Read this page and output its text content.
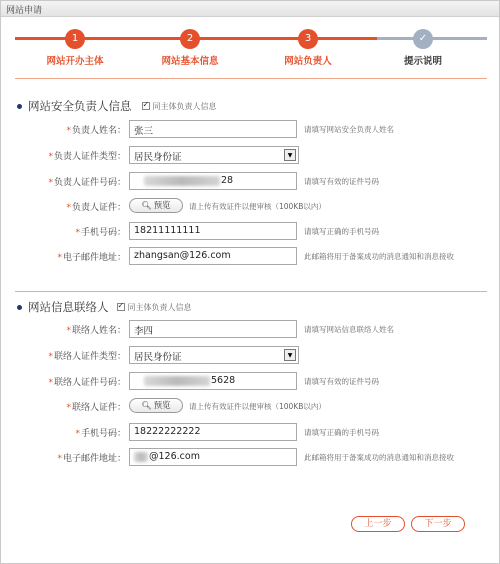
网站申请
1	2	3	✓
网站开办主体	网站基本信息	网站负责人	提示说明
网站安全负责人信息 ✓	同主体负责人信息
*负责人姓名： 张三	请填写网站安全负责人姓名
*负责人证件类型： 居民身份证	▼
*负责人证件号码：	28	请填写有效的证件号码
*负责人证件：	🔍︎ 预览	请上传有效证件以便审核（100KB以内）
*手机号码： 18211111111	请填写正确的手机号码
*电子邮件地址： zhangsan@126.com	此邮箱将用于备案成功的消息通知和消息接收
网站信息联络人 ✓ 同主体负责人信息
*联络人姓名： 李四	请填写网站信息联络人姓名
*联络人证件类型： 居民身份证	▼
*联络人证件号码：	5628	请填写有效的证件号码
*联络人证件：	🔍︎ 预览	请上传有效证件以便审核（100KB以内）
*手机号码： 18222222222	请填写正确的手机号码
*电子邮件地址：	@126.com	此邮箱将用于备案成功的消息通知和消息接收
上一步	下一步
